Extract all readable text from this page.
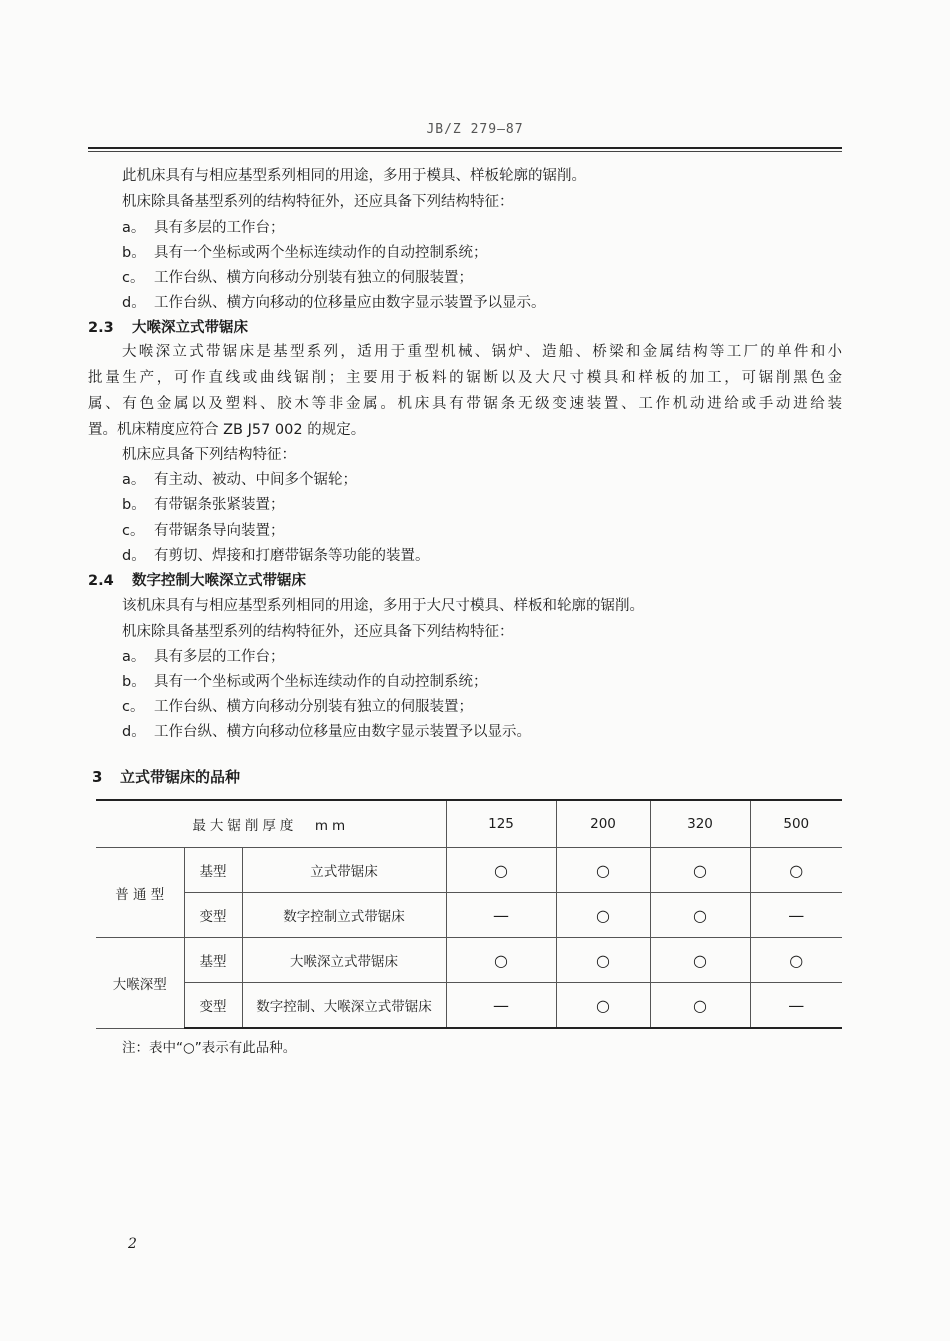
JB/Z 279—87
此机床具有与相应基型系列相同的用途，多用于模具、样板轮廓的锯削。
机床除具备基型系列的结构特征外，还应具备下列结构特征：
a。 具有多层的工作台；
b。 具有一个坐标或两个坐标连续动作的自动控制系统；
c。 工作台纵、横方向移动分别装有独立的伺服装置；
d。 工作台纵、横方向移动的位移量应由数字显示装置予以显示。
2.3 大喉深立式带锯床
大喉深立式带锯床是基型系列，适用于重型机械、锅炉、造船、桥梁和金属结构等工厂的单件和小
批量生产，可作直线或曲线锯削；主要用于板料的锯断以及大尺寸模具和样板的加工，可锯削黑色金
属、有色金属以及塑料、胶木等非金属。机床具有带锯条无级变速装置、工作机动进给或手动进给装
置。机床精度应符合 ZB J57 002 的规定。
机床应具备下列结构特征：
a。 有主动、被动、中间多个锯轮；
b。 有带锯条张紧装置；
c。 有带锯条导向装置；
d。 有剪切、焊接和打磨带锯条等功能的装置。
2.4 数字控制大喉深立式带锯床
该机床具有与相应基型系列相同的用途，多用于大尺寸模具、样板和轮廓的锯削。
机床除具备基型系列的结构特征外，还应具备下列结构特征：
a。 具有多层的工作台；
b。 具有一个坐标或两个坐标连续动作的自动控制系统；
c。 工作台纵、横方向移动分别装有独立的伺服装置；
d。 工作台纵、横方向移动位移量应由数字显示装置予以显示。
3 立式带锯床的品种
最大锯削厚度　mm			125	200	320	500
普 通 型	基型	立式带锯床	○	○	○	○
	变型	数字控制立式带锯床	—	○	○	—
大喉深型	基型	大喉深立式带锯床	○	○	○	○
	变型	数字控制、大喉深立式带锯床	—	○	○	—
注：表中“○”表示有此品种。
2
